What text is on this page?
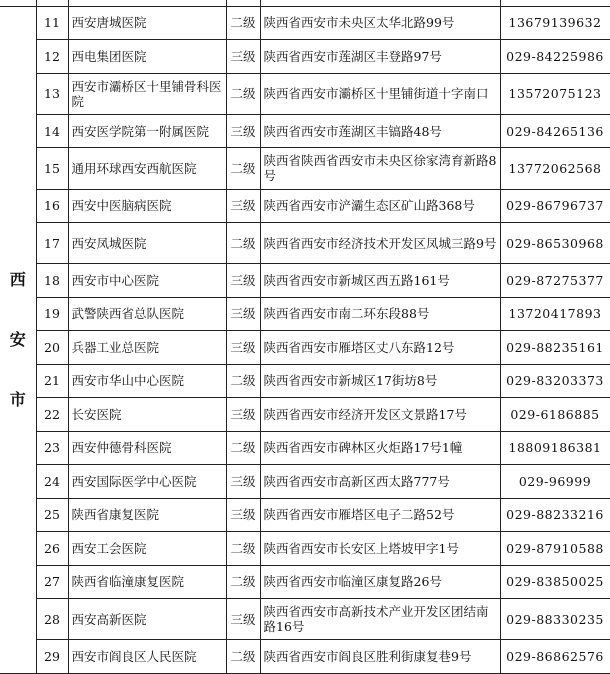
西
安
市	11	西安唐城医院	二级	陕西省西安市未央区太华北路99号	13679139632
	12	西电集团医院	三级	陕西省西安市莲湖区丰登路97号	029-84225986
	13	西安市灞桥区十里铺骨科医院	二级	陕西省西安市灞桥区十里铺街道十字南口	13572075123
	14	西安医学院第一附属医院	三级	陕西省西安市莲湖区丰镐路48号	029-84265136
	15	通用环球西安西航医院	二级	陕西省陕西省西安市未央区徐家湾育新路8号	13772062568
	16	西安中医脑病医院	三级	陕西省西安市浐灞生态区矿山路368号	029-86796737
	17	西安凤城医院	二级	陕西省西安市经济技术开发区凤城三路9号	029-86530968
	18	西安市中心医院	三级	陕西省西安市新城区西五路161号	029-87275377
	19	武警陕西省总队医院	三级	陕西省西安市南二环东段88号	13720417893
	20	兵器工业总医院	三级	陕西省西安市雁塔区丈八东路12号	029-88235161
	21	西安市华山中心医院	二级	陕西省西安市新城区17街坊8号	029-83203373
	22	长安医院	三级	陕西省西安市经济开发区文景路17号	029-6186885
	23	西安仲德骨科医院	二级	陕西省西安市碑林区火炬路17号1幢	18809186381
	24	西安国际医学中心医院	三级	陕西省西安市高新区西太路777号	029-96999
	25	陕西省康复医院	三级	陕西省西安市雁塔区电子二路52号	029-88233216
	26	西安工会医院	二级	陕西省西安市长安区上塔坡甲字1号	029-87910588
	27	陕西省临潼康复医院	二级	陕西省西安市临潼区康复路26号	029-83850025
	28	西安高新医院	三级	陕西省西安市高新技术产业开发区团结南路16号	029-88330235
	29	西安市阎良区人民医院	二级	陕西省西安市阎良区胜利街康复巷9号	029-86862576
